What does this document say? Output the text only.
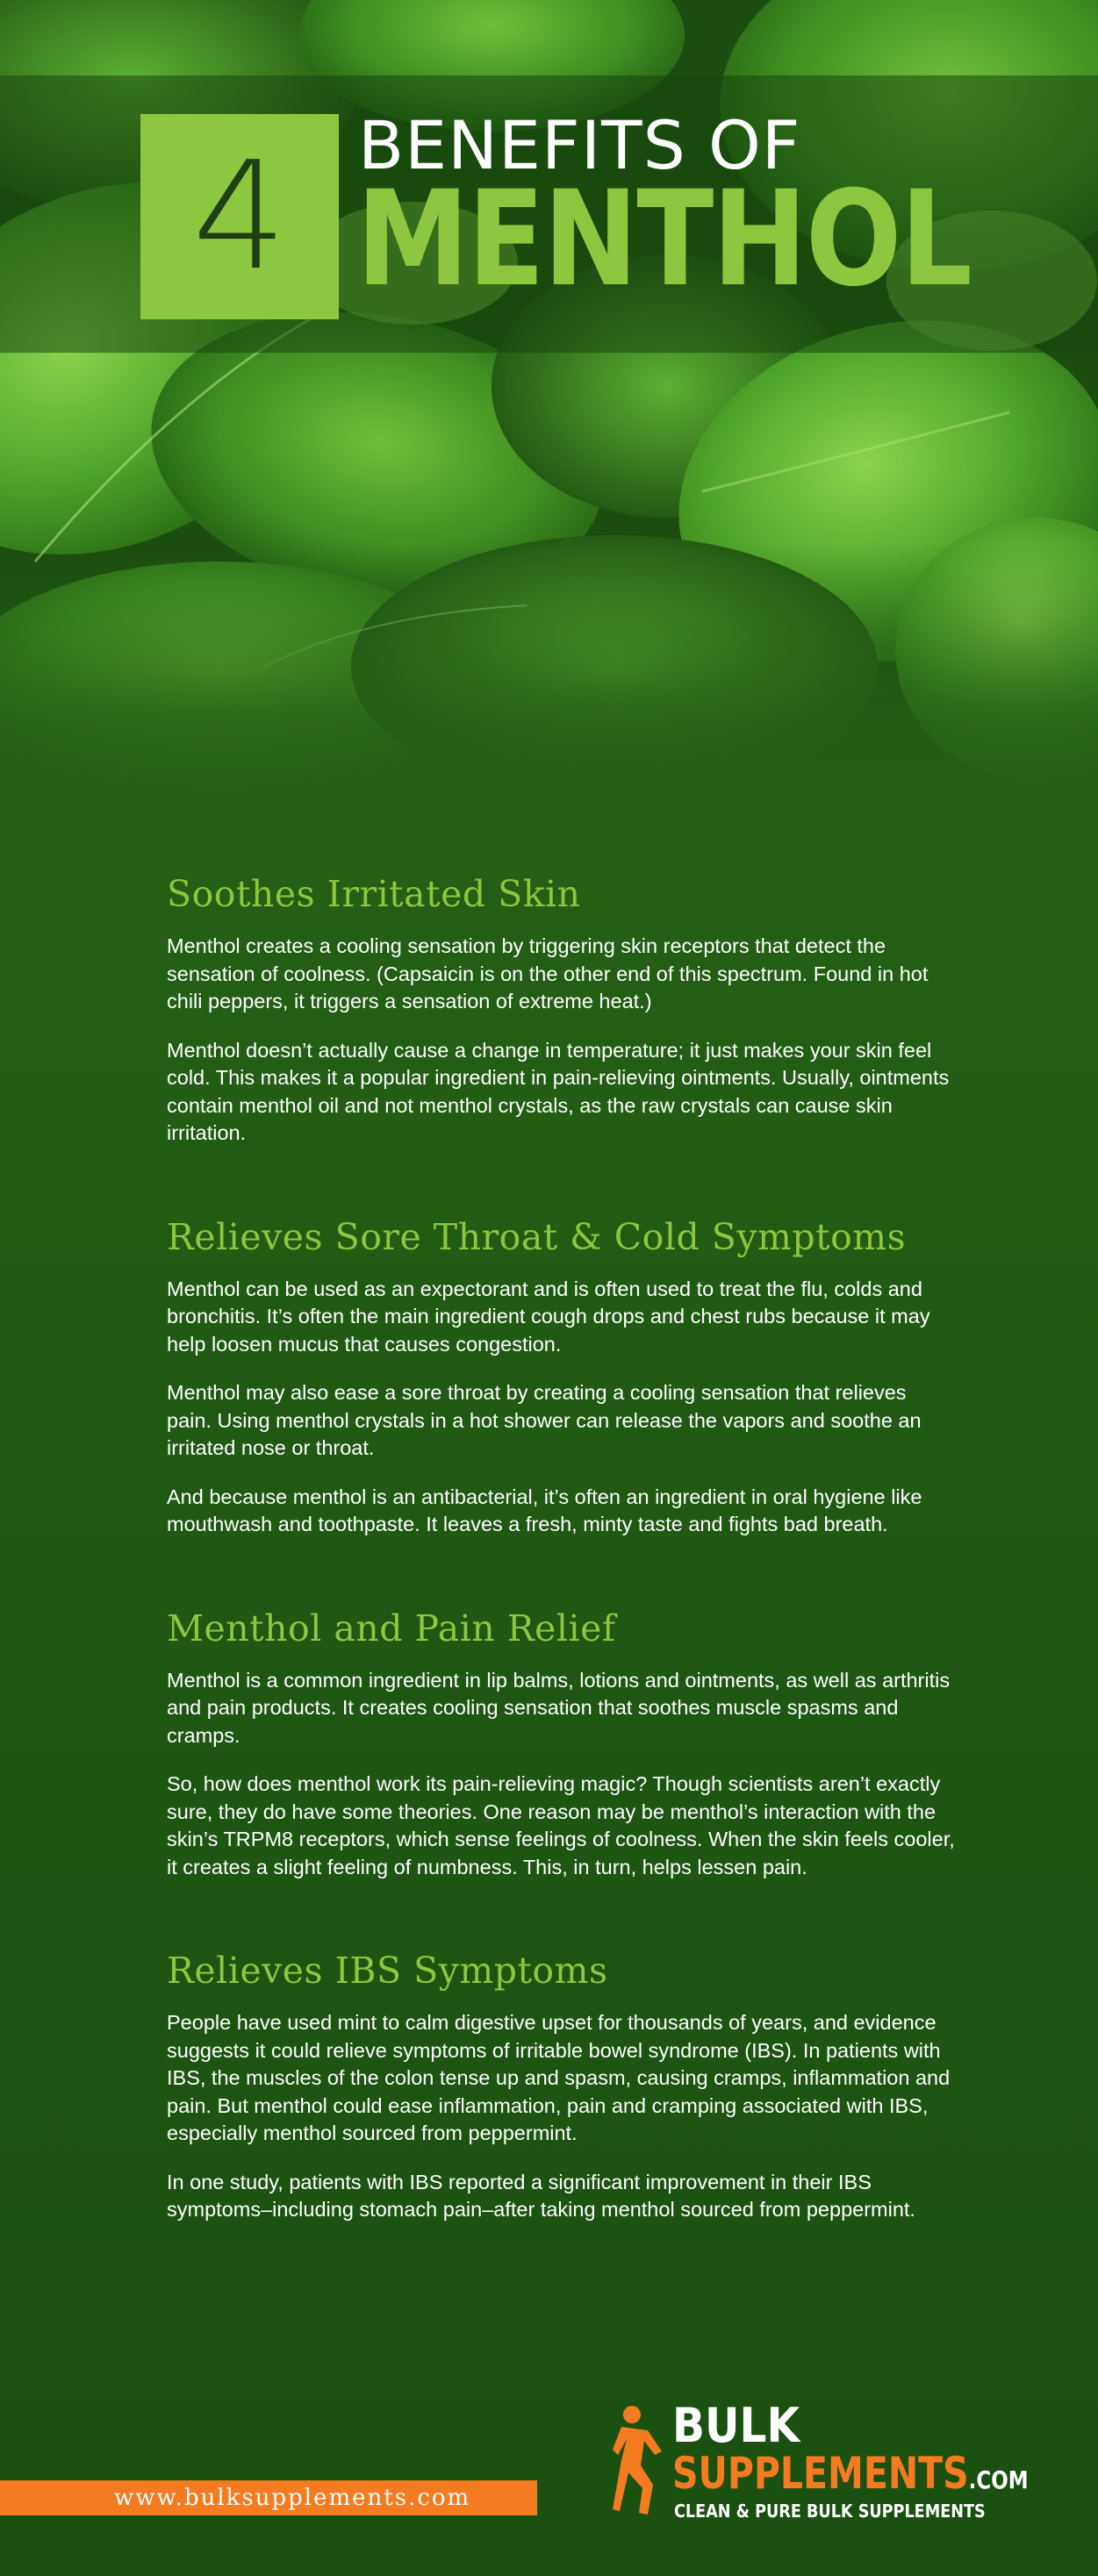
4 BENEFITS OF
MENTHOL
Soothes Irritated Skin

Menthol creates a cooling sensation by triggering skin receptors that detect the sensation of coolness. (Capsaicin is on the other end of this spectrum. Found in hot chili peppers, it triggers a sensation of extreme heat.)

Menthol doesn’t actually cause a change in temperature; it just makes your skin feel cold. This makes it a popular ingredient in pain-relieving ointments. Usually, ointments contain menthol oil and not menthol crystals, as the raw crystals can cause skin irritation.

Relieves Sore Throat & Cold Symptoms

Menthol can be used as an expectorant and is often used to treat the flu, colds and bronchitis. It’s often the main ingredient cough drops and chest rubs because it may help loosen mucus that causes congestion.

Menthol may also ease a sore throat by creating a cooling sensation that relieves pain. Using menthol crystals in a hot shower can release the vapors and soothe an irritated nose or throat.

And because menthol is an antibacterial, it’s often an ingredient in oral hygiene like mouthwash and toothpaste. It leaves a fresh, minty taste and fights bad breath.

Menthol and Pain Relief

Menthol is a common ingredient in lip balms, lotions and ointments, as well as arthritis and pain products. It creates cooling sensation that soothes muscle spasms and cramps.

So, how does menthol work its pain-relieving magic? Though scientists aren’t exactly sure, they do have some theories. One reason may be menthol’s interaction with the skin’s TRPM8 receptors, which sense feelings of coolness. When the skin feels cooler, it creates a slight feeling of numbness. This, in turn, helps lessen pain.

Relieves IBS Symptoms

People have used mint to calm digestive upset for thousands of years, and evidence suggests it could relieve symptoms of irritable bowel syndrome (IBS). In patients with IBS, the muscles of the colon tense up and spasm, causing cramps, inflammation and pain. But menthol could ease inflammation, pain and cramping associated with IBS, especially menthol sourced from peppermint.

In one study, patients with IBS reported a significant improvement in their IBS symptoms–including stomach pain–after taking menthol sourced from peppermint.

www.bulksupplements.com
BULK
SUPPLEMENTS.COM
CLEAN & PURE BULK SUPPLEMENTS
